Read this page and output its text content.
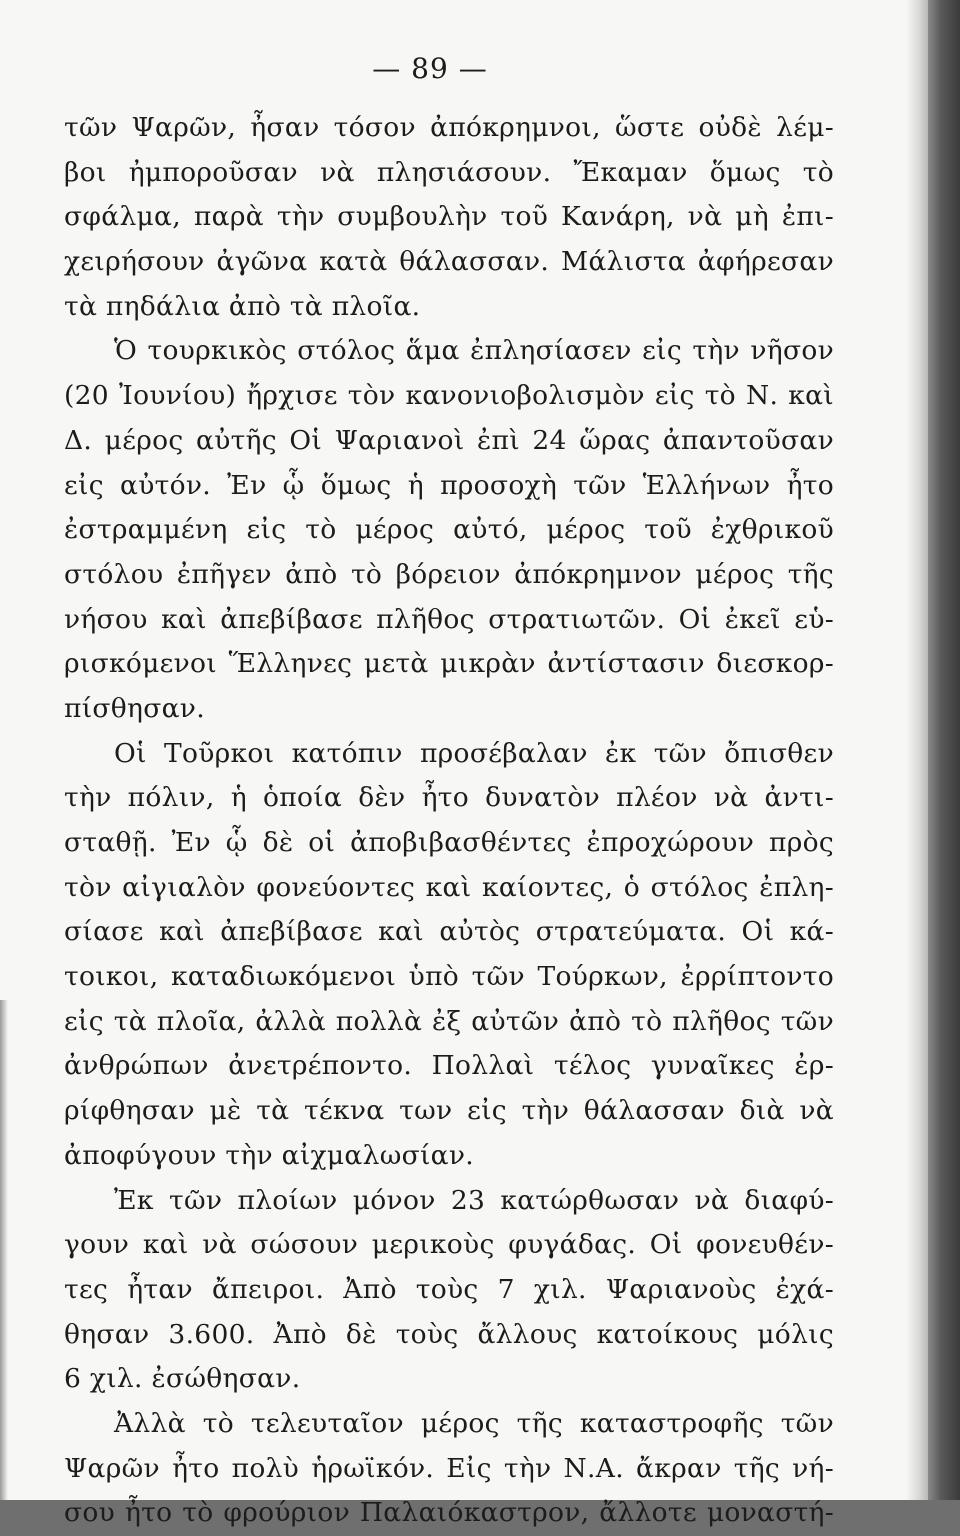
— 89 —
τῶν Ψαρῶν, ἦσαν τόσον ἀπόκρημνοι, ὥστε οὐδὲ λέμ-
βοι ἠμποροῦσαν νὰ πλησιάσουν. Ἔκαμαν ὅμως τὸ
σφάλμα, παρὰ τὴν συμβουλὴν τοῦ Κανάρη, νὰ μὴ ἐπι-
χειρήσουν ἀγῶνα κατὰ θάλασσαν. Μάλιστα ἀφήρεσαν
τὰ πηδάλια ἀπὸ τὰ πλοῖα.
Ὁ τουρκικὸς στόλος ἅμα ἐπλησίασεν εἰς τὴν νῆσον
(20 Ἰουνίου) ἤρχισε τὸν κανονιοβολισμὸν εἰς τὸ Ν. καὶ
Δ. μέρος αὐτῆς Οἱ Ψαριανοὶ ἐπὶ 24 ὥρας ἀπαντοῦσαν
εἰς αὐτόν. Ἐν ᾧ ὅμως ἡ προσοχὴ τῶν Ἑλλήνων ἦτο
ἐστραμμένη εἰς τὸ μέρος αὐτό, μέρος τοῦ ἐχθρικοῦ
στόλου ἐπῆγεν ἀπὸ τὸ βόρειον ἀπόκρημνον μέρος τῆς
νήσου καὶ ἀπεβίβασε πλῆθος στρατιωτῶν. Οἱ ἐκεῖ εὑ-
ρισκόμενοι Ἕλληνες μετὰ μικρὰν ἀντίστασιν διεσκορ-
πίσθησαν.
Οἱ Τοῦρκοι κατόπιν προσέβαλαν ἐκ τῶν ὄπισθεν
τὴν πόλιν, ἡ ὁποία δὲν ἦτο δυνατὸν πλέον νὰ ἀντι-
σταθῇ. Ἐν ᾧ δὲ οἱ ἀποβιβασθέντες ἐπροχώρουν πρὸς
τὸν αἰγιαλὸν φονεύοντες καὶ καίοντες, ὁ στόλος ἐπλη-
σίασε καὶ ἀπεβίβασε καὶ αὐτὸς στρατεύματα. Οἱ κά-
τοικοι, καταδιωκόμενοι ὑπὸ τῶν Τούρκων, ἐρρίπτοντο
εἰς τὰ πλοῖα, ἀλλὰ πολλὰ ἐξ αὐτῶν ἀπὸ τὸ πλῆθος τῶν
ἀνθρώπων ἀνετρέποντο. Πολλαὶ τέλος γυναῖκες ἐρ-
ρίφθησαν μὲ τὰ τέκνα των εἰς τὴν θάλασσαν διὰ νὰ
ἀποφύγουν τὴν αἰχμαλωσίαν.
Ἐκ τῶν πλοίων μόνον 23 κατώρθωσαν νὰ διαφύ-
γουν καὶ νὰ σώσουν μερικοὺς φυγάδας. Οἱ φονευθέν-
τες ἦταν ἄπειροι. Ἀπὸ τοὺς 7 χιλ. Ψαριανοὺς ἐχά-
θησαν 3.600. Ἀπὸ δὲ τοὺς ἄλλους κατοίκους μόλις
6 χιλ. ἐσώθησαν.
Ἀλλὰ τὸ τελευταῖον μέρος τῆς καταστροφῆς τῶν
Ψαρῶν ἦτο πολὺ ἡρωϊκόν. Εἰς τὴν Ν.Α. ἄκραν τῆς νή-
σου ἦτο τὸ φρούριον Παλαιόκαστρον, ἄλλοτε μοναστή-
